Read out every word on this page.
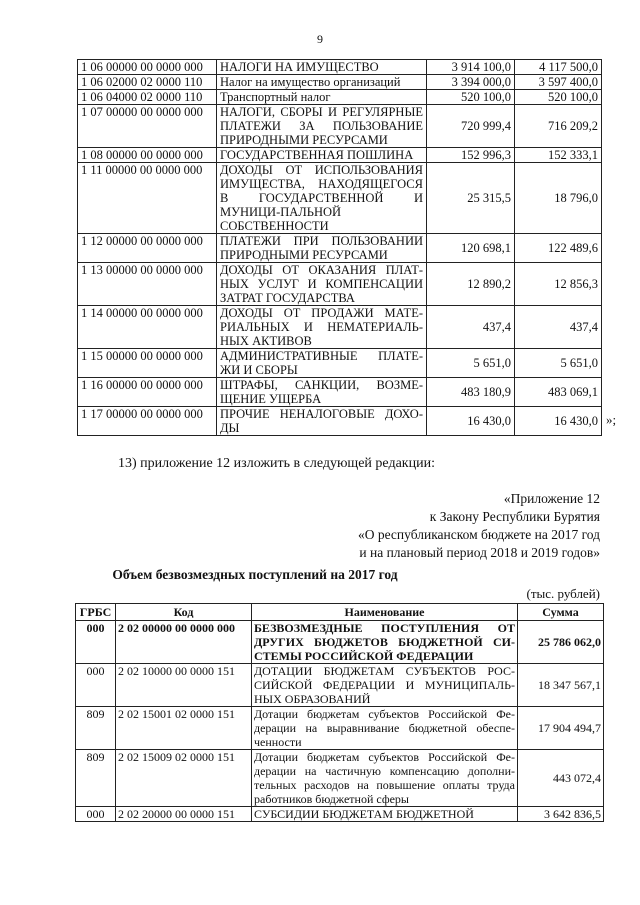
9
1 06 00000 00 0000 000	НАЛОГИ НА ИМУЩЕСТВО	3 914 100,0	4 117 500,0
1 06 02000 02 0000 110	Налог на имущество организаций	3 394 000,0	3 597 400,0
1 06 04000 02 0000 110	Транспортный налог	520 100,0	520 100,0
1 07 00000 00 0000 000	НАЛОГИ, СБОРЫ И РЕГУЛЯРНЫЕ ПЛАТЕЖИ ЗА ПОЛЬЗОВАНИЕ ПРИРОДНЫМИ РЕСУРСАМИ	720 999,4	716 209,2
1 08 00000 00 0000 000	ГОСУДАРСТВЕННАЯ ПОШЛИНА	152 996,3	152 333,1
1 11 00000 00 0000 000	ДОХОДЫ ОТ ИСПОЛЬЗОВАНИЯ ИМУЩЕСТВА, НАХОДЯЩЕГОСЯ В ГОСУДАРСТВЕННОЙ И МУНИЦИ-ПАЛЬНОЙ СОБСТВЕННОСТИ	25 315,5	18 796,0
1 12 00000 00 0000 000	ПЛАТЕЖИ ПРИ ПОЛЬЗОВАНИИ ПРИРОДНЫМИ РЕСУРСАМИ	120 698,1	122 489,6
1 13 00000 00 0000 000	ДОХОДЫ ОТ ОКАЗАНИЯ ПЛАТ-НЫХ УСЛУГ И КОМПЕНСАЦИИ ЗАТРАТ ГОСУДАРСТВА	12 890,2	12 856,3
1 14 00000 00 0000 000	ДОХОДЫ ОТ ПРОДАЖИ МАТЕ-РИАЛЬНЫХ И НЕМАТЕРИАЛЬ-НЫХ АКТИВОВ	437,4	437,4
1 15 00000 00 0000 000	АДМИНИСТРАТИВНЫЕ ПЛАТЕ-ЖИ И СБОРЫ	5 651,0	5 651,0
1 16 00000 00 0000 000	ШТРАФЫ, САНКЦИИ, ВОЗМЕ-ЩЕНИЕ УЩЕРБА	483 180,9	483 069,1
1 17 00000 00 0000 000	ПРОЧИЕ НЕНАЛОГОВЫЕ ДОХО-ДЫ	16 430,0	16 430,0 »;
13) приложение 12 изложить в следующей редакции:
«Приложение 12
к Закону Республики Бурятия
«О республиканском бюджете на 2017 год
и на плановый период 2018 и 2019 годов»
Объем безвозмездных поступлений на 2017 год
(тыс. рублей)
ГРБС	Код	Наименование	Сумма
000	2 02 00000 00 0000 000	БЕЗВОЗМЕЗДНЫЕ ПОСТУПЛЕНИЯ ОТ ДРУГИХ БЮДЖЕТОВ БЮДЖЕТНОЙ СИ-СТЕМЫ РОССИЙСКОЙ ФЕДЕРАЦИИ	25 786 062,0
000	2 02 10000 00 0000 151	ДОТАЦИИ БЮДЖЕТАМ СУБЪЕКТОВ РОС-СИЙСКОЙ ФЕДЕРАЦИИ И МУНИЦИПАЛЬ-НЫХ ОБРАЗОВАНИЙ	18 347 567,1
809	2 02 15001 02 0000 151	Дотации бюджетам субъектов Российской Фе-дерации на выравнивание бюджетной обеспе-ченности	17 904 494,7
809	2 02 15009 02 0000 151	Дотации бюджетам субъектов Российской Фе-дерации на частичную компенсацию дополни-тельных расходов на повышение оплаты труда работников бюджетной сферы	443 072,4
000	2 02 20000 00 0000 151	СУБСИДИИ БЮДЖЕТАМ БЮДЖЕТНОЙ	3 642 836,5
